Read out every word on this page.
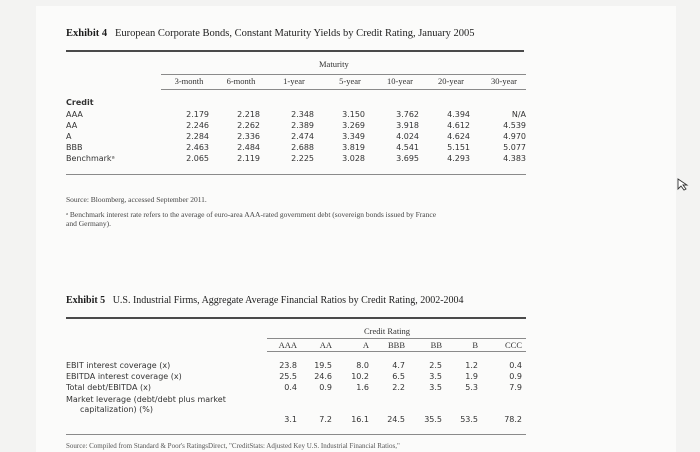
Exhibit 4 European Corporate Bonds, Constant Maturity Yields by Credit Rating, January 2005
Maturity
3-month	6-month	1-year	5-year	10-year	20-year	30-year
Credit
AAA	2.179	2.218	2.348	3.150	3.762	4.394	N/A
AA	2.246	2.262	2.389	3.269	3.918	4.612	4.539
A	2.284	2.336	2.474	3.349	4.024	4.624	4.970
BBB	2.463	2.484	2.688	3.819	4.541	5.151	5.077
Benchmarkᵃ	2.065	2.119	2.225	3.028	3.695	4.293	4.383
Source: Bloomberg, accessed September 2011.
ᵃ Benchmark interest rate refers to the average of euro-area AAA-rated government debt (sovereign bonds issued by France
and Germany).
Exhibit 5 U.S. Industrial Firms, Aggregate Average Financial Ratios by Credit Rating, 2002-2004
Credit Rating
AAA	AA	A	BBB	BB	B	CCC
EBIT interest coverage (x)	23.8	19.5	8.0	4.7	2.5	1.2	0.4
EBITDA interest coverage (x)	25.5	24.6	10.2	6.5	3.5	1.9	0.9
Total debt/EBITDA (x)	0.4	0.9	1.6	2.2	3.5	5.3	7.9
Market leverage (debt/debt plus market
capitalization) (%)
3.1	7.2	16.1	24.5	35.5	53.5	78.2
Source: Compiled from Standard & Poor's RatingsDirect, "CreditStats: Adjusted Key U.S. Industrial Financial Ratios,"
